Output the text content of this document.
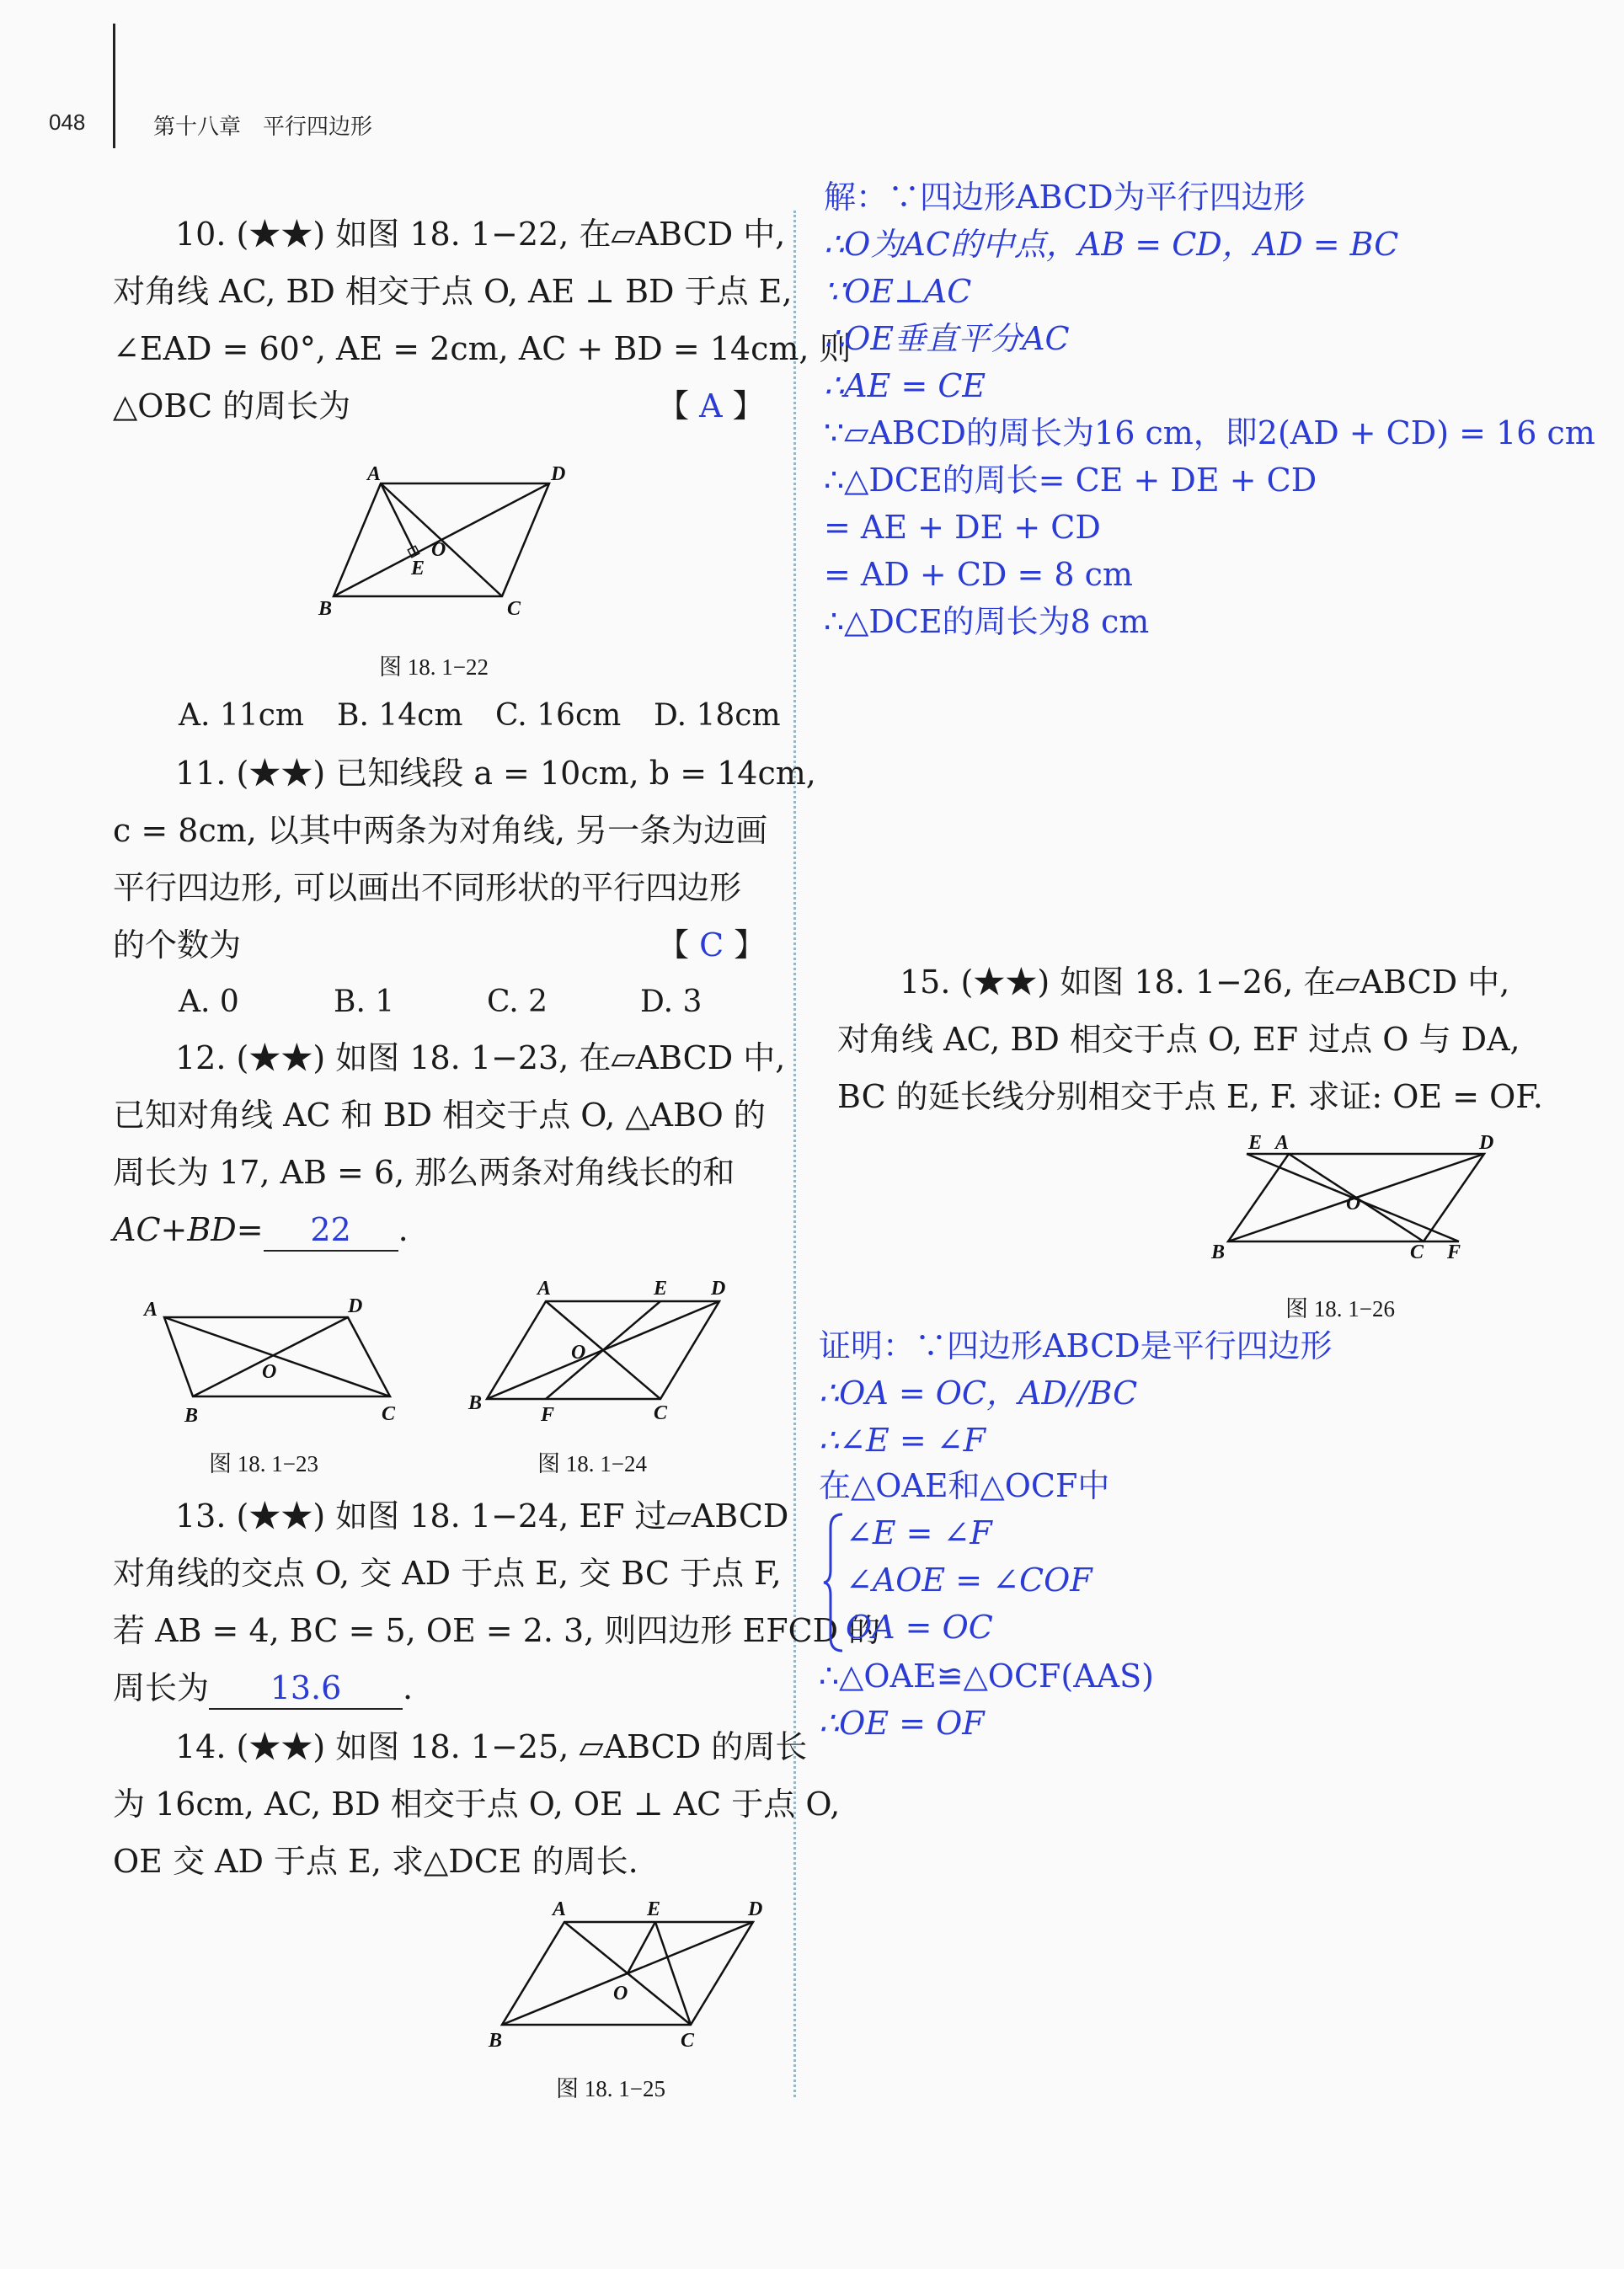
048	第十八章　平行四边形
10. (★★) 如图 18. 1−22, 在▱ABCD 中,
对角线 AC, BD 相交于点 O, AE ⊥ BD 于点 E,
∠EAD = 60°, AE = 2cm, AC + BD = 14cm, 则
△OBC 的周长为	【 A 】
A	D
B	C
E
O
图 18. 1−22
A. 11cm B. 14cm C. 16cm D. 18cm
11. (★★) 已知线段 a = 10cm, b = 14cm,
c = 8cm, 以其中两条为对角线, 另一条为边画
平行四边形, 可以画出不同形状的平行四边形
的个数为	【 C 】
A. 0	B. 1	C. 2	D. 3
12. (★★) 如图 18. 1−23, 在▱ABCD 中,
已知对角线 AC 和 BD 相交于点 O, △ABO 的
周长为 17, AB = 6, 那么两条对角线长的和
AC+BD= 22 .
A	D
B	C
O
图 18. 1−23
A	E D
B
F	C
O
图 18. 1−24
13. (★★) 如图 18. 1−24, EF 过▱ABCD
对角线的交点 O, 交 AD 于点 E, 交 BC 于点 F,
若 AB = 4, BC = 5, OE = 2. 3, 则四边形 EFCD 的
周长为 13.6 .
14. (★★) 如图 18. 1−25, ▱ABCD 的周长
为 16cm, AC, BD 相交于点 O, OE ⊥ AC 于点 O,
OE 交 AD 于点 E, 求△DCE 的周长.
A	E	D
B	C
O
图 18. 1−25
解：∵四边形ABCD为平行四边形
∴O为AC的中点，AB = CD，AD = BC
∵OE⊥AC
∴OE垂直平分AC
∴AE = CE
∵▱ABCD的周长为16 cm，即2(AD + CD) = 16 cm
∴△DCE的周长= CE + DE + CD
= AE + DE + CD
= AD + CD = 8 cm
∴△DCE的周长为8 cm
15. (★★) 如图 18. 1−26, 在▱ABCD 中,
对角线 AC, BD 相交于点 O, EF 过点 O 与 DA,
BC 的延长线分别相交于点 E, F. 求证: OE = OF.
E A	D
B	C F
O
图 18. 1−26
证明：∵四边形ABCD是平行四边形
∴OA = OC，AD//BC
∴∠E = ∠F
在△OAE和△OCF中
∠E = ∠F
∠AOE = ∠COF
OA = OC
∴△OAE≌△OCF(AAS)
∴OE = OF
